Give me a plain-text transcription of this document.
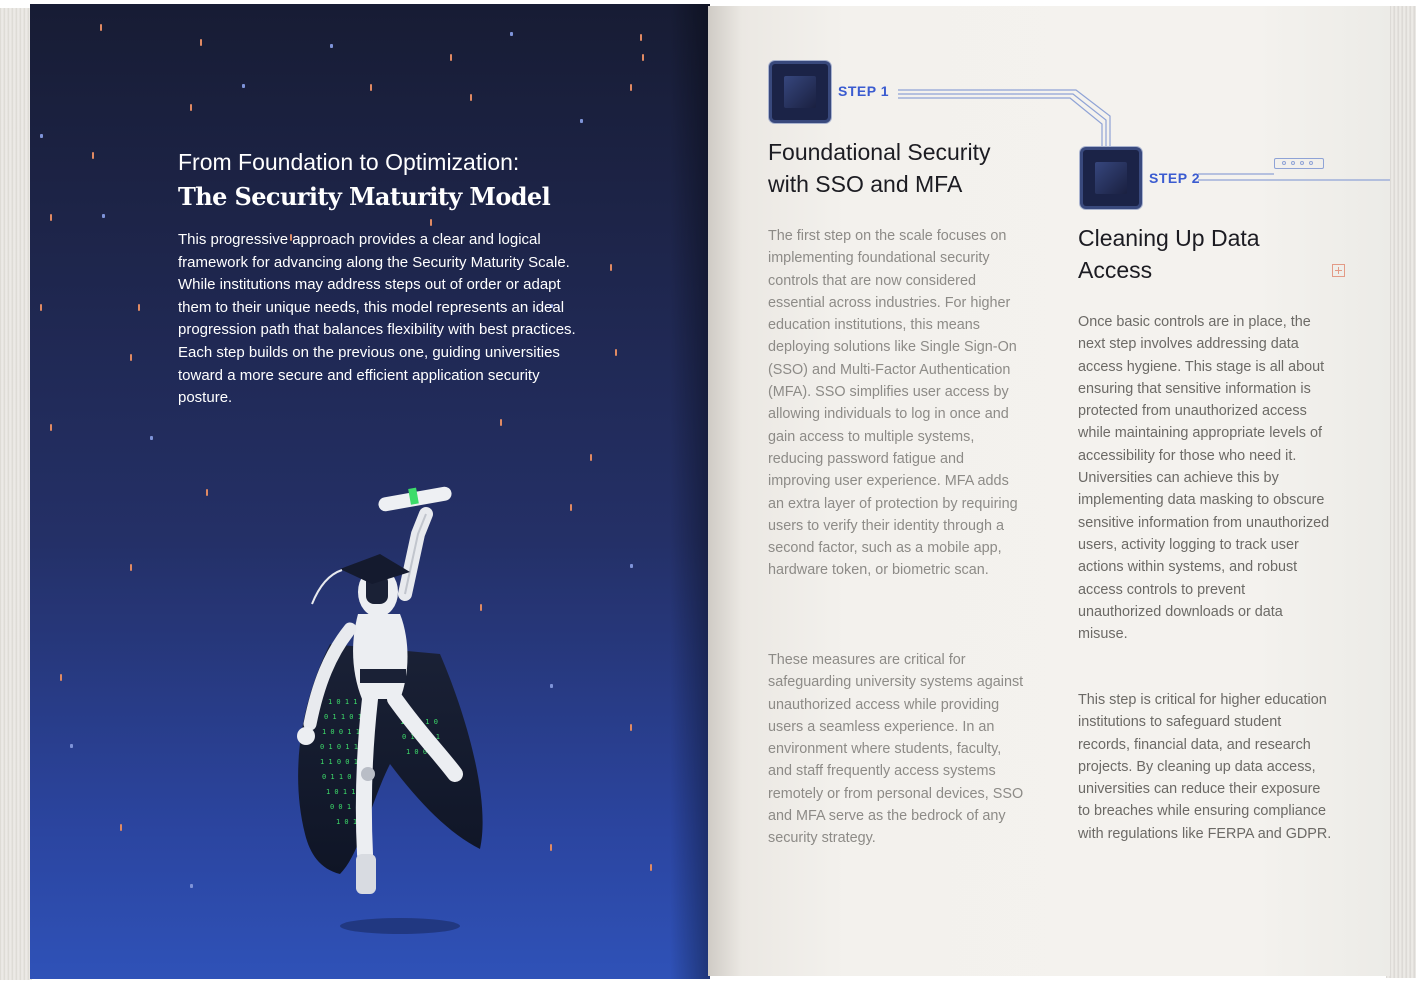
From Foundation to Optimization:
The Security Maturity Model

This progressive approach provides a clear and logical framework for advancing along the Security Maturity Scale. While institutions may address steps out of order or adapt them to their unique needs, this model represents an ideal progression path that balances flexibility with best practices. Each step builds on the previous one, guiding universities toward a more secure and efficient application security posture.

1 0 1 1 0
0 1 1 0 1 0
1 0 0 1 1 0
0 1 0 1 1
1 1 0 0 1
0 1 1 0
1 0 1 1
0 0 1
1 0 1
1 0 1 1 0
0 1 1 0 1
1 0 0 1
STEP 1
Foundational Security
with SSO and MFA

The first step on the scale focuses on implementing foundational security controls that are now considered essential across industries. For higher education institutions, this means deploying solutions like Single Sign-On (SSO) and Multi-Factor Authentication (MFA). SSO simplifies user access by allowing individuals to log in once and gain access to multiple systems, reducing password fatigue and improving user experience. MFA adds an extra layer of protection by requiring users to verify their identity through a second factor, such as a mobile app, hardware token, or biometric scan.

These measures are critical for safeguarding university systems against unauthorized access while providing users a seamless experience. In an environment where students, faculty, and staff frequently access systems remotely or from personal devices, SSO and MFA serve as the bedrock of any security strategy.

STEP 2
Cleaning Up Data
Access

Once basic controls are in place, the next step involves addressing data access hygiene. This stage is all about ensuring that sensitive information is protected from unauthorized access while maintaining appropriate levels of accessibility for those who need it. Universities can achieve this by implementing data masking to obscure sensitive information from unauthorized users, activity logging to track user actions within systems, and robust access controls to prevent unauthorized downloads or data misuse.

This step is critical for higher education institutions to safeguard student records, financial data, and research projects. By cleaning up data access, universities can reduce their exposure to breaches while ensuring compliance with regulations like FERPA and GDPR.
